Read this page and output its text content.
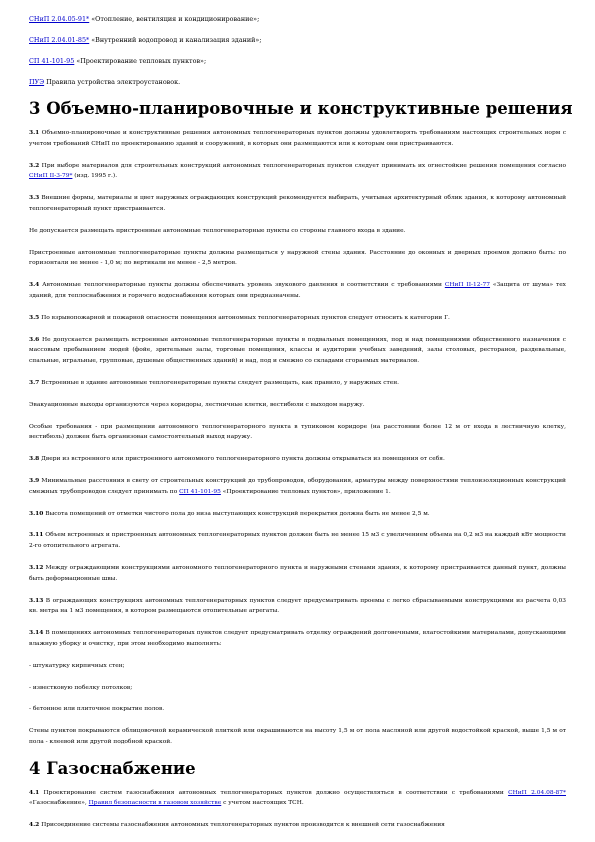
СНиП 2.04.05-91* «Отопление, вентиляция и кондиционирование»;

СНиП 2.04.01-85* «Внутренний водопровод и канализация зданий»;

СП 41-101-95 «Проектирование тепловых пунктов»;

ПУЭ Правила устройства электроустановок.

3 Объемно-планировочные и конструктивные решения

3.1 Объемно-планировочные и конструктивные решения автономных теплогенераторных пунктов должны удовлетворять требованиям настоящих строительных норм с учетом требований СНиП по проектированию зданий и сооружений, в которых они размещаются или к которым они пристраиваются.

3.2 При выборе материалов для строительных конструкций автономных теплогенераторных пунктов следует принимать их огнестойкие решения помещения согласно СНиП II-3-79* (изд. 1995 г.).

3.3 Внешние формы, материалы и цвет наружных ограждающих конструкций рекомендуется выбирать, учитывая архитектурный облик здания, к которому автономный теплогенераторный пункт пристраивается.

Не допускается размещать пристроенные автономные теплогенераторные пункты со стороны главного входа в здание.

Пристроенные автономные теплогенераторные пункты должны размещаться у наружной стены здания. Расстояние до оконных и дверных проемов должно быть: по горизонтали не менее - 1,0 м; по вертикали не менее - 2,5 метров.

3.4 Автономные теплогенераторные пункты должны обеспечивать уровень звукового давления в соответствии с требованиями СНиП II-12-77 «Защита от шума» тех зданий, для теплоснабжения и горячего водоснабжения которых они предназначены.

3.5 По взрывопожарной и пожарной опасности помещения автономных теплогенераторных пунктов следует относить к категории Г.

3.6 Не допускается размещать встроенные автономные теплогенераторные пункты в подвальных помещениях, под и над помещениями общественного назначения с массовым пребыванием людей (фойе, зрительные залы, торговые помещения, классы и аудитории учебных заведений, залы столовых, ресторанов, раздевальные, спальные, игральные, групповые, душевые общественных зданий) и над, под и смежно со складами сгораемых материалов.

3.7 Встроенные в здание автономные теплогенераторные пункты следует размещать, как правило, у наружных стен.

Эвакуационные выходы организуются через коридоры, лестничные клетки, вестибюли с выходом наружу.

Особые требования - при размещении автономного теплогенераторного пункта в тупиковом коридоре (на расстоянии более 12 м от входа в лестничную клетку, вестибюль) должен быть организован самостоятельный выход наружу.

3.8 Двери из встроенного или пристроенного автономного теплогенераторного пункта должны открываться из помещения от себя.

3.9 Минимальные расстояния в свету от строительных конструкций до трубопроводов, оборудования, арматуры между поверхностями теплоизоляционных конструкций смежных трубопроводов следует принимать по СП 41-101-95 «Проектирование тепловых пунктов», приложение 1.

3.10 Высота помещений от отметки чистого пола до низа выступающих конструкций перекрытия должна быть не менее 2,5 м.

3.11 Объем встроенных и пристроенных автономных теплогенераторных пунктов должен быть не менее 15 м3 с увеличением объема на 0,2 м3 на каждый кВт мощности 2-го отопительного агрегата.

3.12 Между ограждающими конструкциями автономного теплогенераторного пункта и наружными стенами здания, к которому пристраивается данный пункт, должны быть деформационные швы.

3.13 В ограждающих конструкциях автономных теплогенераторных пунктов следует предусматривать проемы с легко сбрасываемыми конструкциями из расчета 0,03 кв. метра на 1 м3 помещения, в котором размещаются отопительные агрегаты.

3.14 В помещениях автономных теплогенераторных пунктов следует предусматривать отделку ограждений долговечными, влагостойкими материалами, допускающими влажную уборку и очистку, при этом необходимо выполнять:

- штукатурку кирпичных стен;

- известковую побелку потолков;

- бетонное или плиточное покрытие полов.

Стены пунктов покрываются облицовочной керамической плиткой или окрашиваются на высоту 1,5 м от пола масляной или другой водостойкой краской, выше 1,5 м от пола - клеевой или другой подобной краской.

4 Газоснабжение

4.1 Проектирование систем газоснабжения автономных теплогенераторных пунктов должно осуществляться в соответствии с требованиями СНиП 2.04.08-87* «Газоснабжение», Правил безопасности в газовом хозяйстве с учетом настоящих ТСН.

4.2 Присоединение системы газоснабжения автономных теплогенераторных пунктов производится к внешней сети газоснабжения
